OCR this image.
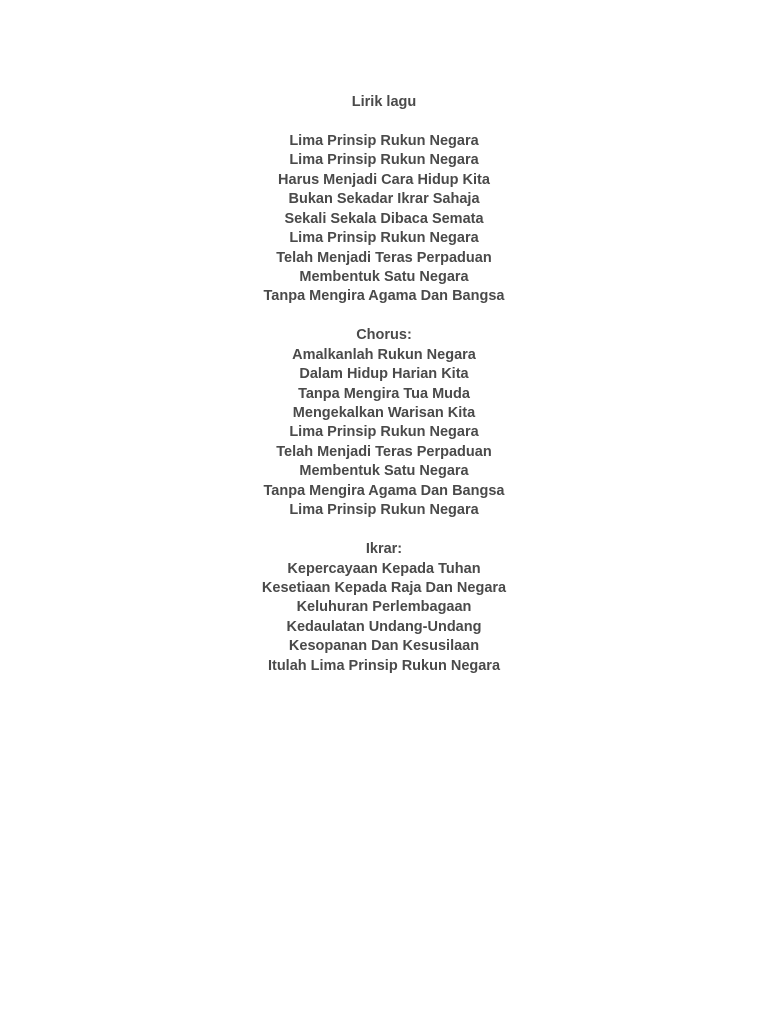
Lirik lagu
Lima Prinsip Rukun Negara
Lima Prinsip Rukun Negara
Harus Menjadi Cara Hidup Kita
Bukan Sekadar Ikrar Sahaja
Sekali Sekala Dibaca Semata
Lima Prinsip Rukun Negara
Telah Menjadi Teras Perpaduan
Membentuk Satu Negara
Tanpa Mengira Agama Dan Bangsa
Chorus:
Amalkanlah Rukun Negara
Dalam Hidup Harian Kita
Tanpa Mengira Tua Muda
Mengekalkan Warisan Kita
Lima Prinsip Rukun Negara
Telah Menjadi Teras Perpaduan
Membentuk Satu Negara
Tanpa Mengira Agama Dan Bangsa
Lima Prinsip Rukun Negara
Ikrar:
Kepercayaan Kepada Tuhan
Kesetiaan Kepada Raja Dan Negara
Keluhuran Perlembagaan
Kedaulatan Undang-Undang
Kesopanan Dan Kesusilaan
Itulah Lima Prinsip Rukun Negara
